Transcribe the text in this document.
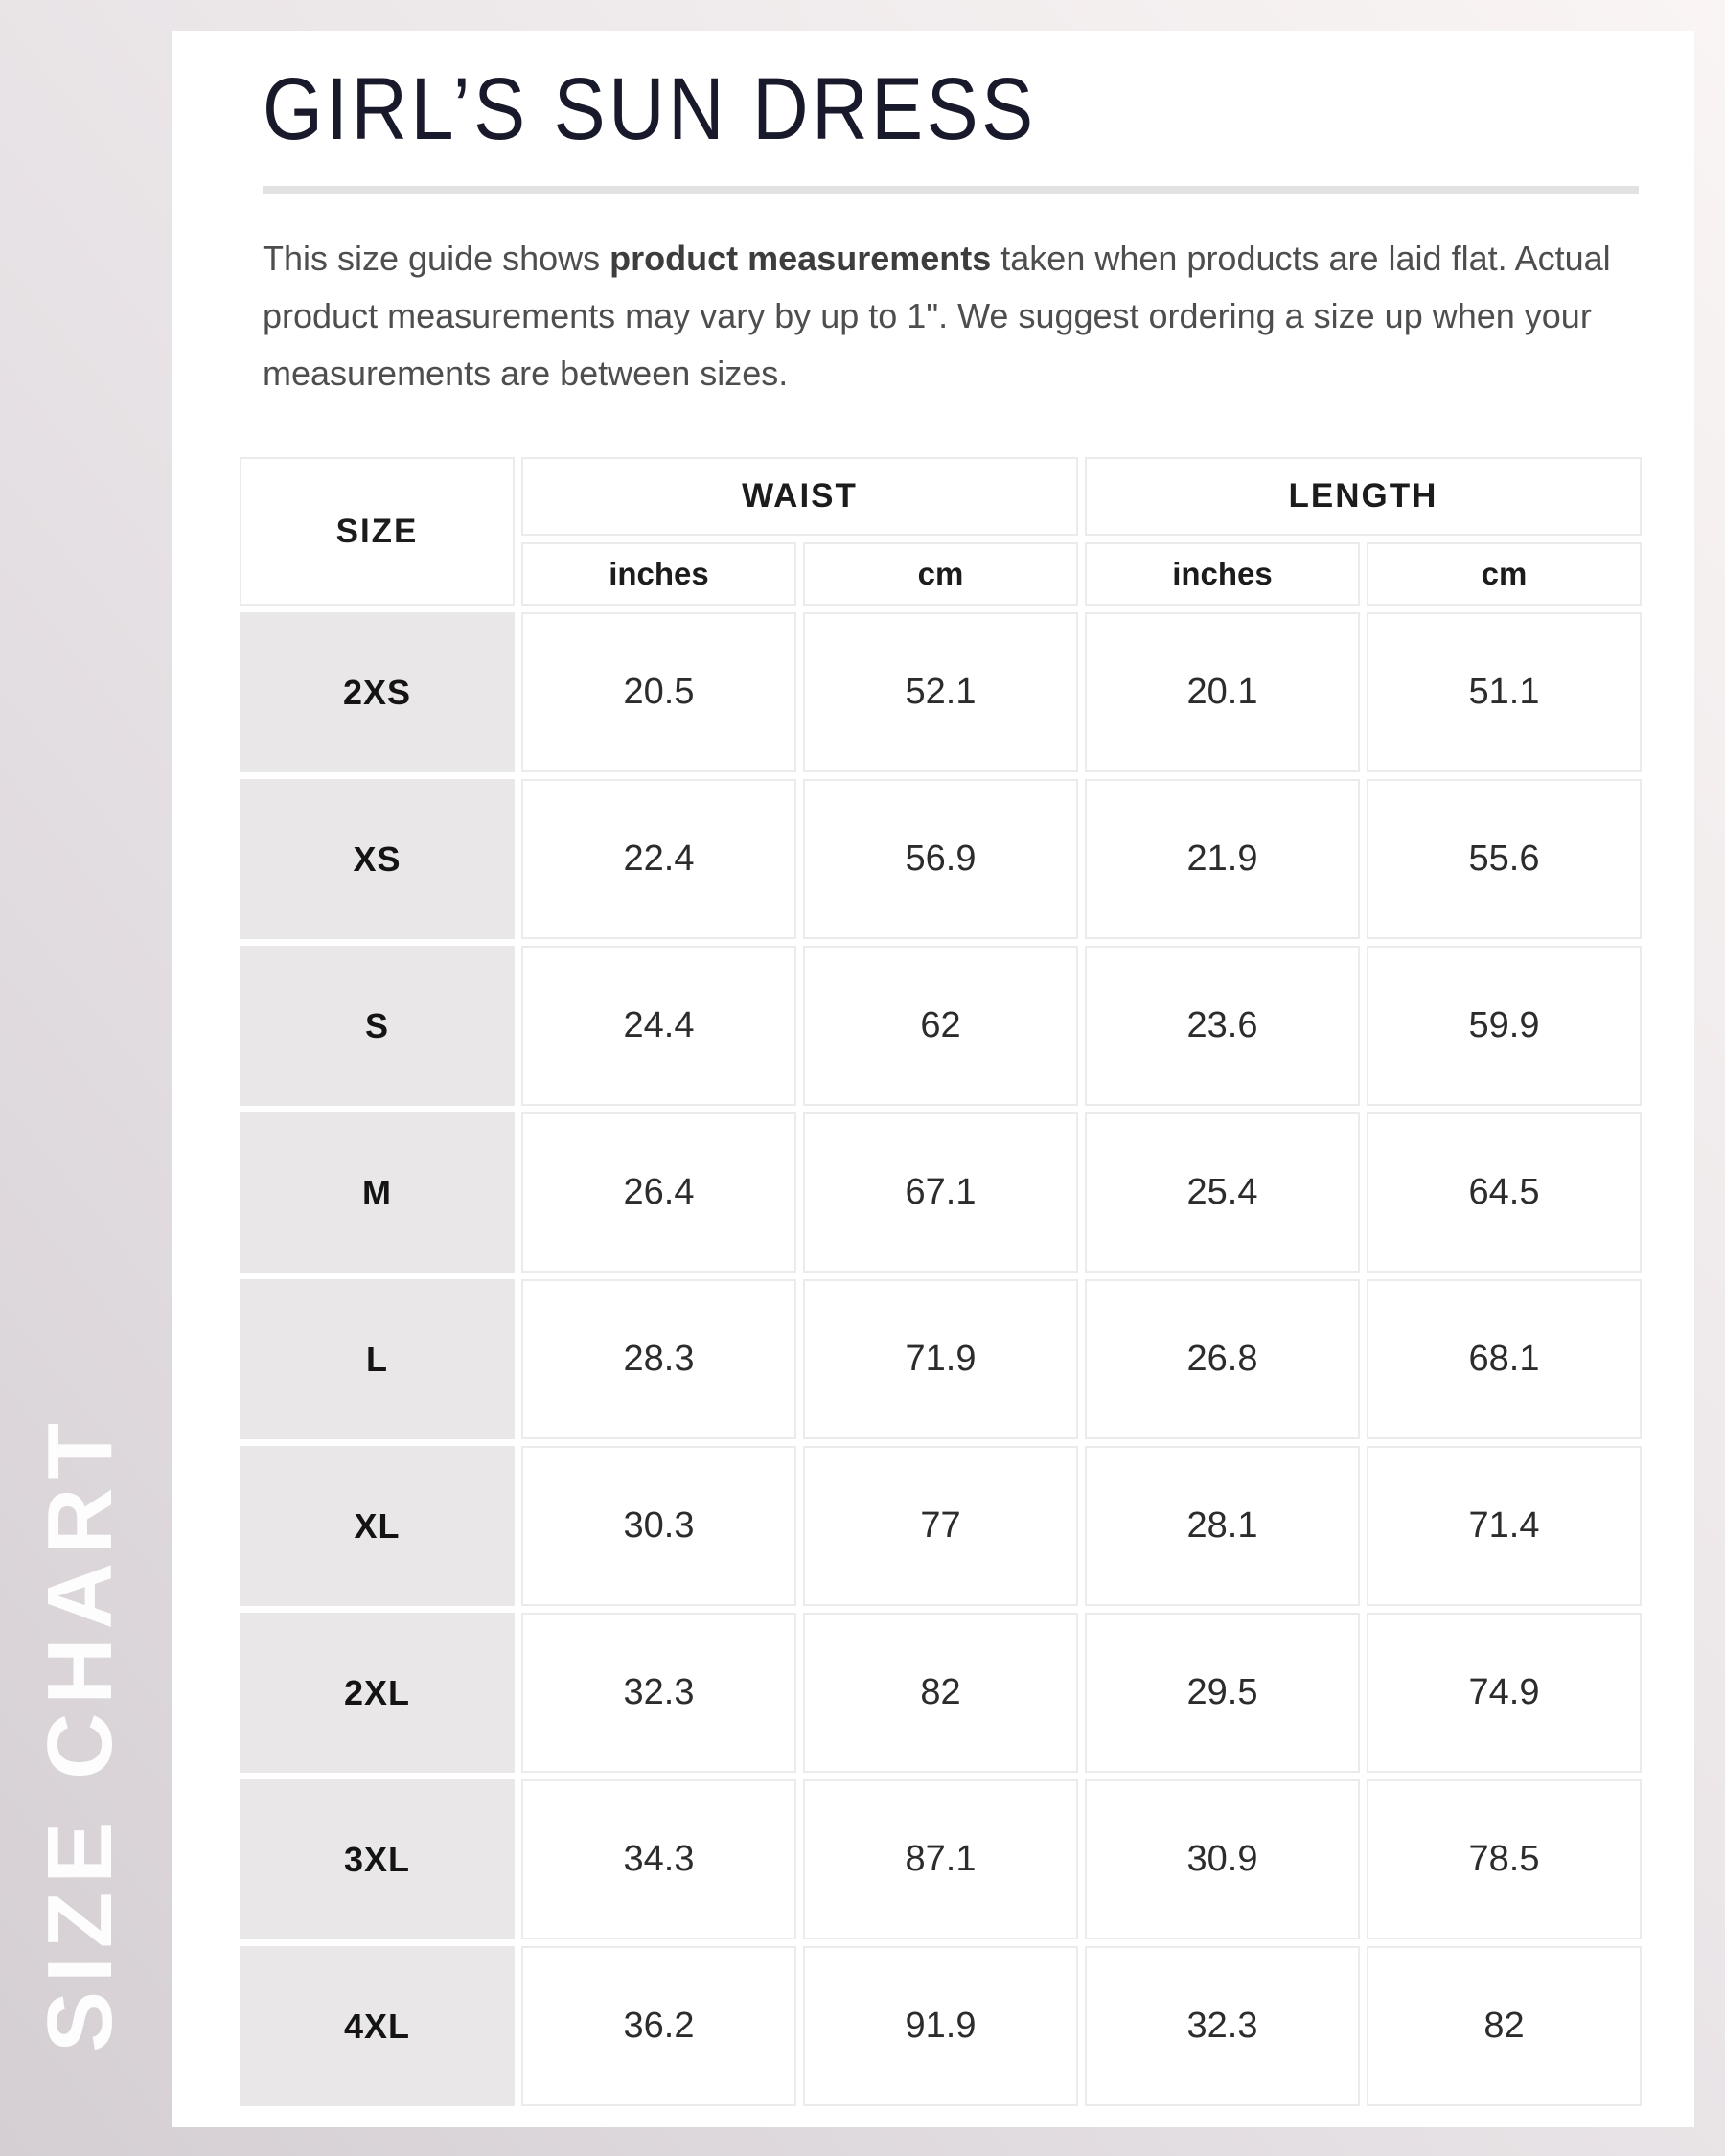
SIZE CHART
GIRL’S SUN DRESS

This size guide shows product measurements taken when products are laid flat. Actual product measurements may vary by up to 1". We suggest ordering a size up when your measurements are between sizes.

SIZE	WAIST		LENGTH	
	inches	cm	inches	cm
2XS	20.5	52.1	20.1	51.1
XS	22.4	56.9	21.9	55.6
S	24.4	62	23.6	59.9
M	26.4	67.1	25.4	64.5
L	28.3	71.9	26.8	68.1
XL	30.3	77	28.1	71.4
2XL	32.3	82	29.5	74.9
3XL	34.3	87.1	30.9	78.5
4XL	36.2	91.9	32.3	82
